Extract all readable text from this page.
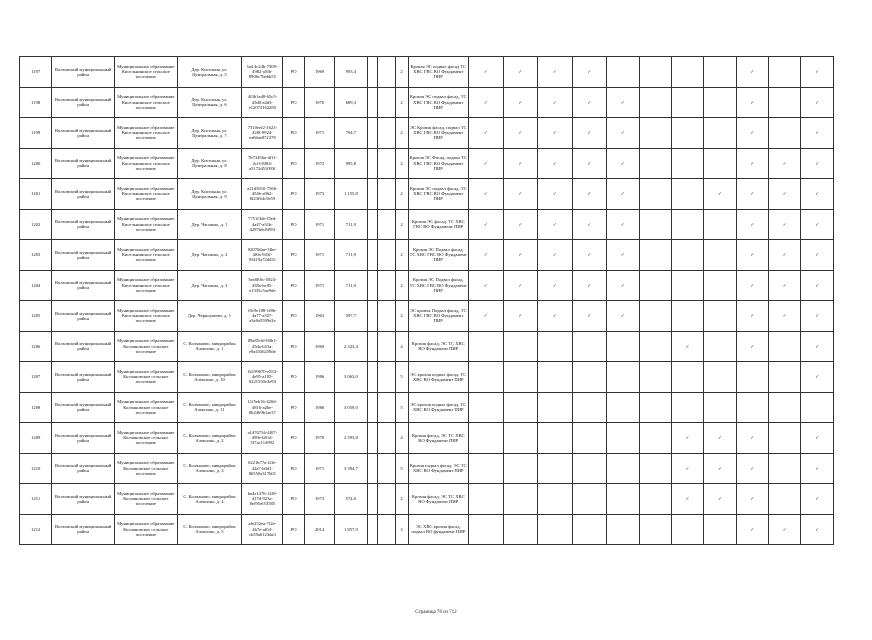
1197	Волховский муниципальный район	Муниципальное образование Кисельнинское сельское поселение	Дер. Кисельня, ул. Центральная, д. 5	ba14c24b-7509-4982-a5fb-8906c7bebb55	РО	1969	993,4			2	Кровля ЭС подвал фасад ТС ХВС ГВС ВО Фундамент ПИР	✓	✓	✓	✓					✓		✓
1198	Волховский муниципальный район	Муниципальное образование Кисельнинское сельское поселение	Дер. Кисельня, ул. Центральная, д. 6	4f3b1ad8-65c5-45d0-a4d3-e12073162285	РО	1970	689,3			2	Кровля ЭС подвал фасад, ТС ХВС ГВС ВО Фундамент ПИР	✓	✓	✓	✓	✓				✓		✓
1199	Волховский муниципальный район	Муниципальное образование Кисельнинское сельское поселение	Дер. Кисельня, ул. Центральная, д. 7	7310eef2-1623-42f8-9924-ea66ae872278	РО	1971	794,7			2	ЭС Кровля фасад, подвал ТС ХВС ГВС ВО Фундамент ПИР	✓	✓	✓	✓	✓				✓		✓
1200	Волховский муниципальный район	Муниципальное образование Кисельнинское сельское поселение	Дер. Кисельня, ул. Центральная, д. 8	7b73456a-df1f-4cf3-8f84-a5172d51093f	РО	1972	995,8			2	Кровля ЭС Фасад, подвал ТС ХВС ГВС ВО Фундамент ПИР	✓	✓	✓	✓	✓				✓	✓	✓
1201	Волховский муниципальный район	Муниципальное образование Кисельнинское сельское поселение	Дер. Кисельня, ул. Центральная, д. 9	a21d5810-7566-454b-a962-8f23f64c9e59	РО	1973	1 155,8			2	Кровля ЭС подвал фасад, ТС ХВС ГВС ВО Фундамент ПИР	✓	✓	✓	✓	✓			✓	✓	✓	✓
1202	Волховский муниципальный район	Муниципальное образование Кисельнинское сельское поселение	Дер. Чаплино, д. 1	7751f3de-f5ed-4a47-a31b-4297b6c8f95f	РО	1971	711,9			2	Кровля ЭС фасад, ТС ХВС ГВС ВО Фундамент ПИР	✓	✓	✓	✓	✓				✓	✓	✓
1203	Волховский муниципальный район	Муниципальное образование Кисельнинское сельское поселение	Дер. Чаплино, д. 2	02070dae-3fbe-4f0a-943f-93419a72dd31	РО	1971	711,9			2	Кровля ЭС Подвал фасад, ТС ХВС ГВС ВО Фундамент ПИР	✓	✓	✓	✓	✓				✓	✓	✓
1204	Волховский муниципальный район	Муниципальное образование Кисельнинское сельское поселение	Дер. Чаплино, д. 3	5ea8f0fc-5824-438a-bc05-e1335c5ae9de	РО	1971	711,9			2	Кровля ЭС Подвал фасад, ТС ХВС ГВС ВО Фундамент ПИР	✓	✓	✓	✓	✓				✓	✓	✓
1205	Волховский муниципальный район	Муниципальное образование Кисельнинское сельское поселение	Дер. Черноушево, д. 1	f0c9e188-1f8b-4a77-a357-a3e8a5599e2e	РО	1963	597,7			2	ЭС кровля Подвал фасад, ТС ХВС ГВС ВО Фундамент ПИР	✓	✓	✓	✓	✓				✓	✓	✓
1206	Волховский муниципальный район	Муниципальное образование Колчановское сельское поселение	С. Колчаново, микрорайон Алексино, д. 1	89a85c6f-60b1-45da-b53a-e9a4336258de	РО	1969	2 323,4			4	Кровля фасад, ЭС ТС ХВС ВО Фундамент ПИР							✓		✓		✓
1207	Волховский муниципальный район	Муниципальное образование Колчановское сельское поселение	С. Колчаново, микрорайон Алексино, д. 10	1b199670-e553-4e95-a105-0221550e3e93	РО	1986	3 063,0			5	ЭС кровля подвал фасад, ТС ХВС ВО Фундамент ПИР											✓
1208	Волховский муниципальный район	Муниципальное образование Колчановское сельское поселение	С. Колчаново, микрорайон Алексино, д. 11	11f5eb1b-420d-4816-a2be-0b2469b1ae37	РО	1986	3 059,0			5	ЭС кровля подвал фасад, ТС ХВС ВО Фундамент ПИР											
1209	Волховский муниципальный район	Муниципальное образование Колчановское сельское поселение	С. Колчаново, микрорайон Алексино, д. 2	a1476734-4f07-499e-b81d-5f7ac11d992	РО	1970	2 593,8			4	Кровля фасад, ЭС ТС ХВС ВО Фундамент ПИР							✓	✓	✓		✓
1210	Волховский муниципальный район	Муниципальное образование Колчановское сельское поселение	С. Колчаново, микрорайон Алексино, д. 3	6221b77a-f2fe-42a7-b0d1-86550a317b01	РО	1971	3 394,7			5	Кровля подвал фасад, ЭС ТС ХВС ВО Фундамент ПИР							✓	✓	✓		✓
1211	Волховский муниципальный район	Муниципальное образование Колчановское сельское поселение	С. Колчаново, микрорайон Алексино, д. 4	ba4e1476-12f9-417d-923a-8ef95ef53585	РО	1973	574,0			2	Кровля фасад, ЭС ТС ХВС ВО Фундамент ПИР							✓	✓	✓		✓
1212	Волховский муниципальный район	Муниципальное образование Колчановское сельское поселение	С. Колчаново, микрорайон Алексино, д. 5	afe252ea-7f2e-4b7e-af04-cb59a6123da3	РО	2014	1 857,9			3	ЭС ХВС кровля фасад, подвал ВО фундамент ПИР									✓	✓	✓
Страница 76 из 712
